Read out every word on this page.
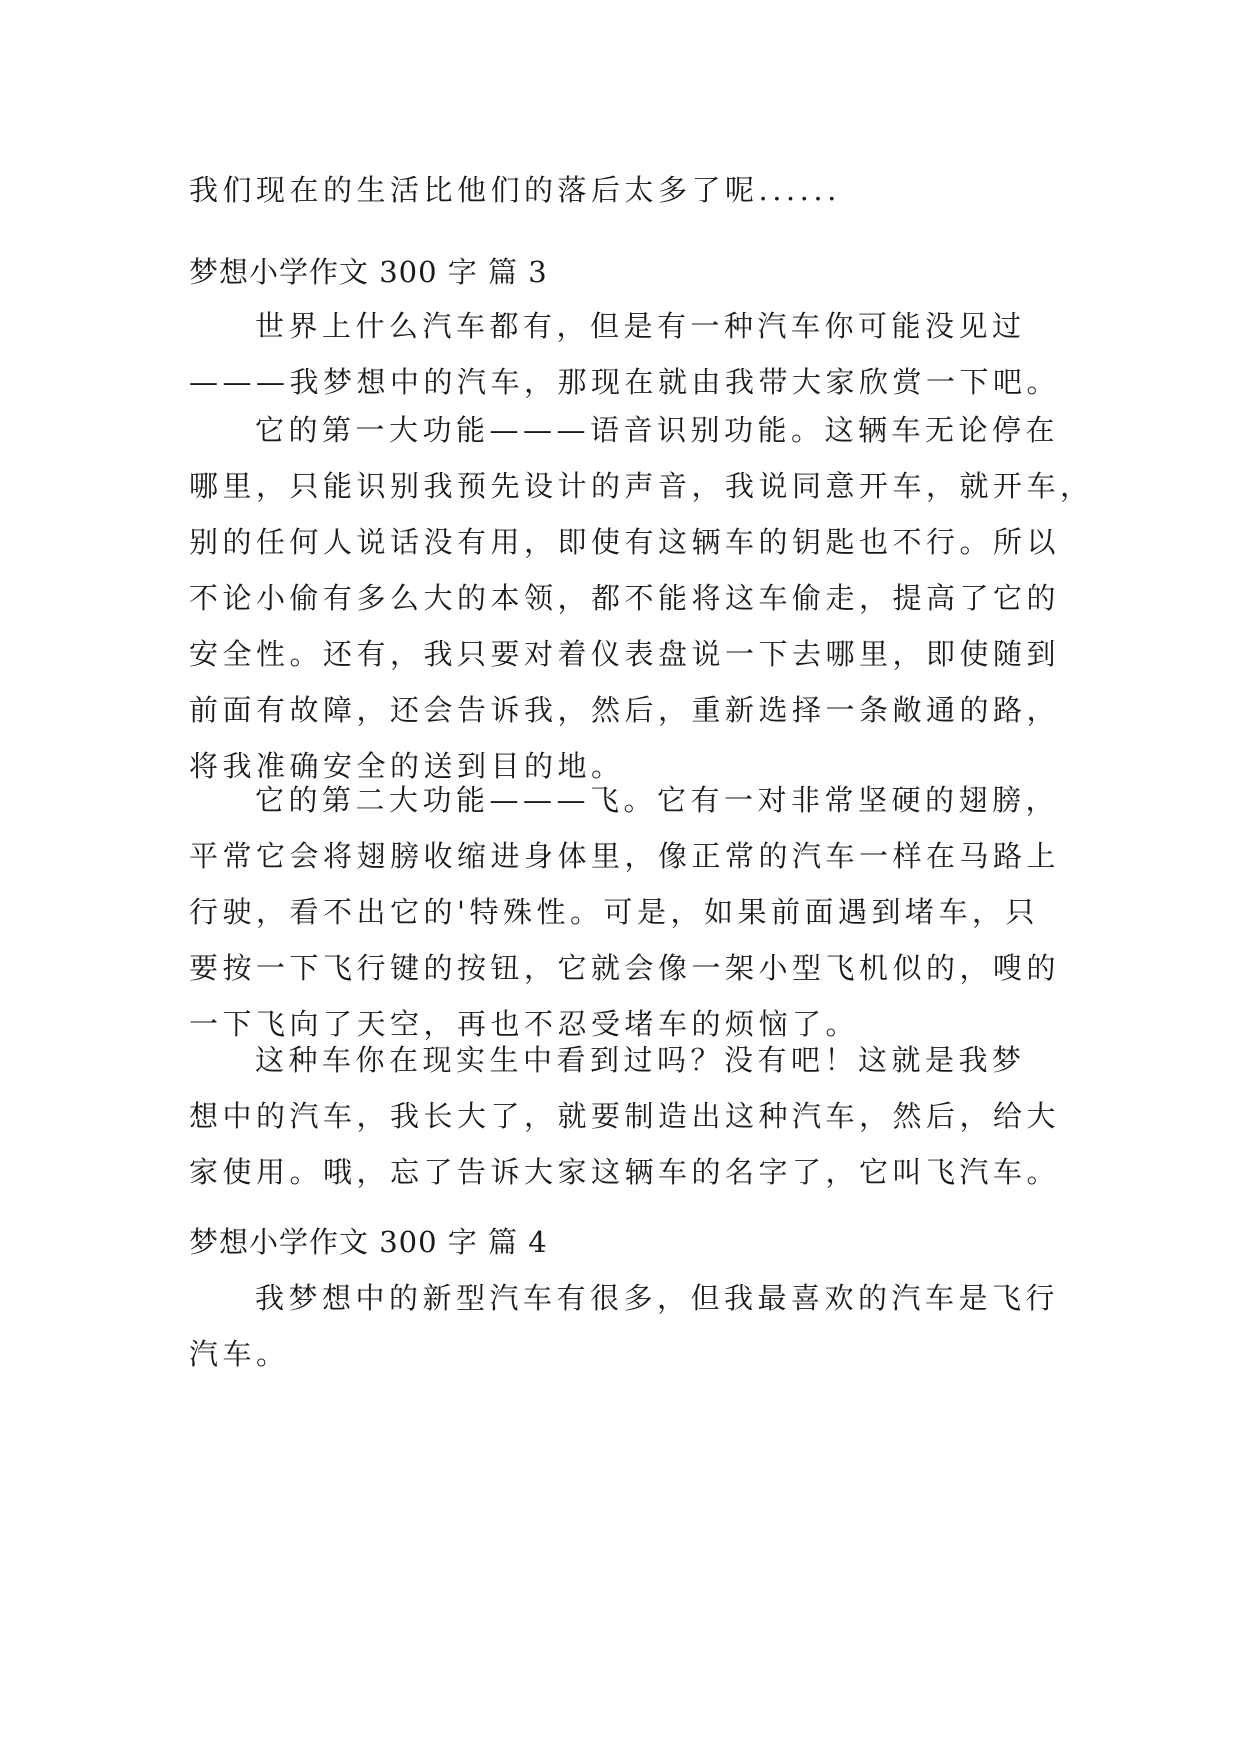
我们现在的生活比他们的落后太多了呢......

梦想小学作文 300 字 篇 3

世界上什么汽车都有，但是有一种汽车你可能没见过
———我梦想中的汽车，那现在就由我带大家欣赏一下吧。
它的第一大功能———语音识别功能。这辆车无论停在
哪里，只能识别我预先设计的声音，我说同意开车，就开车，
别的任何人说话没有用，即使有这辆车的钥匙也不行。所以
不论小偷有多么大的本领，都不能将这车偷走，提高了它的
安全性。还有，我只要对着仪表盘说一下去哪里，即使随到
前面有故障，还会告诉我，然后，重新选择一条敞通的路，
将我准确安全的送到目的地。
它的第二大功能———飞。它有一对非常坚硬的翅膀，
平常它会将翅膀收缩进身体里，像正常的汽车一样在马路上
行驶，看不出它的'特殊性。可是，如果前面遇到堵车，只
要按一下飞行键的按钮，它就会像一架小型飞机似的，嗖的
一下飞向了天空，再也不忍受堵车的烦恼了。
这种车你在现实生中看到过吗？没有吧！这就是我梦
想中的汽车，我长大了，就要制造出这种汽车，然后，给大
家使用。哦，忘了告诉大家这辆车的名字了，它叫飞汽车。

梦想小学作文 300 字 篇 4

我梦想中的新型汽车有很多，但我最喜欢的汽车是飞行
汽车。
